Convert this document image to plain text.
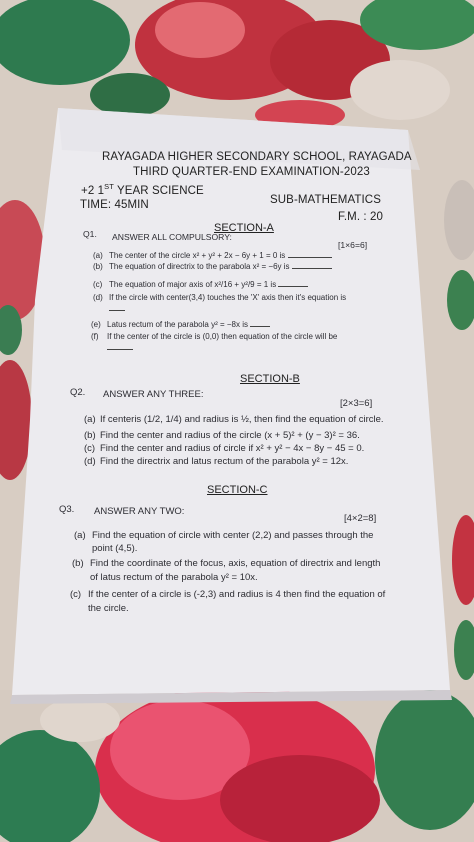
RAYAGADA HIGHER SECONDARY SCHOOL, RAYAGADA
THIRD QUARTER-END EXAMINATION-2023
+2 1ST YEAR SCIENCE
SUB-MATHEMATICS
TIME: 45MIN
F.M. : 20
SECTION-A
Q1. ANSWER ALL COMPULSORY:
[1×6=6]
(a) The center of the circle x² + y² + 2x − 6y + 1 = 0 is
(b) The equation of directrix to the parabola x² = −6y is
(c) The equation of major axis of x²/16 + y²/9 = 1 is
(d) If the circle with center(3,4) touches the 'X' axis then it's equation is
(e) Latus rectum of the parabola y² = −8x is
(f) If the center of the circle is (0,0) then equation of the circle will be
SECTION-B
Q2. ANSWER ANY THREE:
[2×3=6]
(a) If centeris (1/2, 1/4) and radius is ½, then find the equation of circle.
(b) Find the center and radius of the circle (x + 5)² + (y − 3)² = 36.
(c) Find the center and radius of circle if x² + y² − 4x − 8y − 45 = 0.
(d) Find the directrix and latus rectum of the parabola y² = 12x.
SECTION-C
Q3. ANSWER ANY TWO:
[4×2=8]
(a) Find the equation of circle with center (2,2) and passes through the
point (4,5).
(b) Find the coordinate of the focus, axis, equation of directrix and length
of latus rectum of the parabola y² = 10x.
(c) If the center of a circle is (-2,3) and radius is 4 then find the equation of
the circle.
